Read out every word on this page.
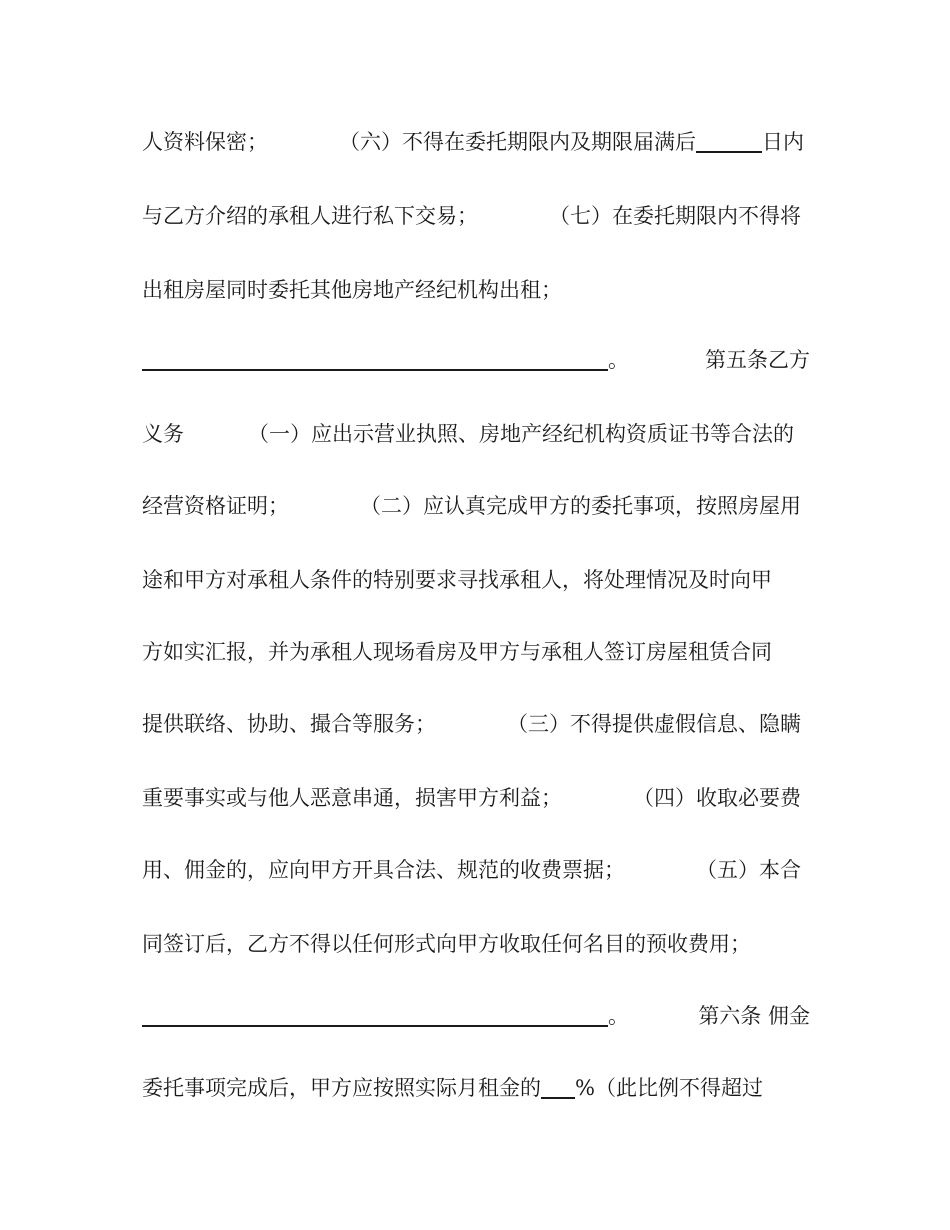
人资料保密；	（六）不得在委托期限内及期限届满后	日内
与乙方介绍的承租人进行私下交易；	（七）在委托期限内不得将
出租房屋同时委托其他房地产经纪机构出租；
。	第五条乙方
义务	（一）应出示营业执照、房地产经纪机构资质证书等合法的
经营资格证明；	（二）应认真完成甲方的委托事项，按照房屋用
途和甲方对承租人条件的特别要求寻找承租人，将处理情况及时向甲
方如实汇报，并为承租人现场看房及甲方与承租人签订房屋租赁合同
提供联络、协助、撮合等服务；	（三）不得提供虚假信息、隐瞒
重要事实或与他人恶意串通，损害甲方利益；	（四）收取必要费
用、佣金的，应向甲方开具合法、规范的收费票据；	（五）本合
同签订后，乙方不得以任何形式向甲方收取任何名目的预收费用；
。	第六条 佣金
委托事项完成后，甲方应按照实际月租金的 %（此比例不得超过
